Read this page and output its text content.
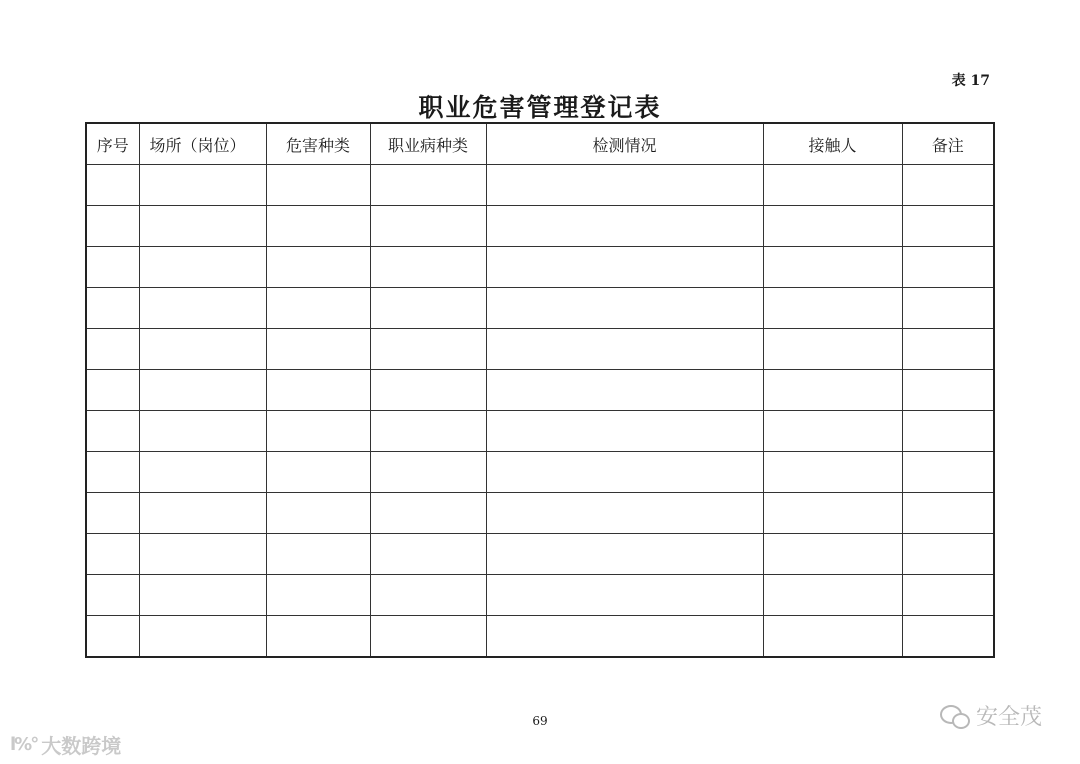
表 17
职业危害管理登记表
序号	场所（岗位）	危害种类	职业病种类	检测情况	接触人	备注

69
l%° 大数跨境
安全茂
